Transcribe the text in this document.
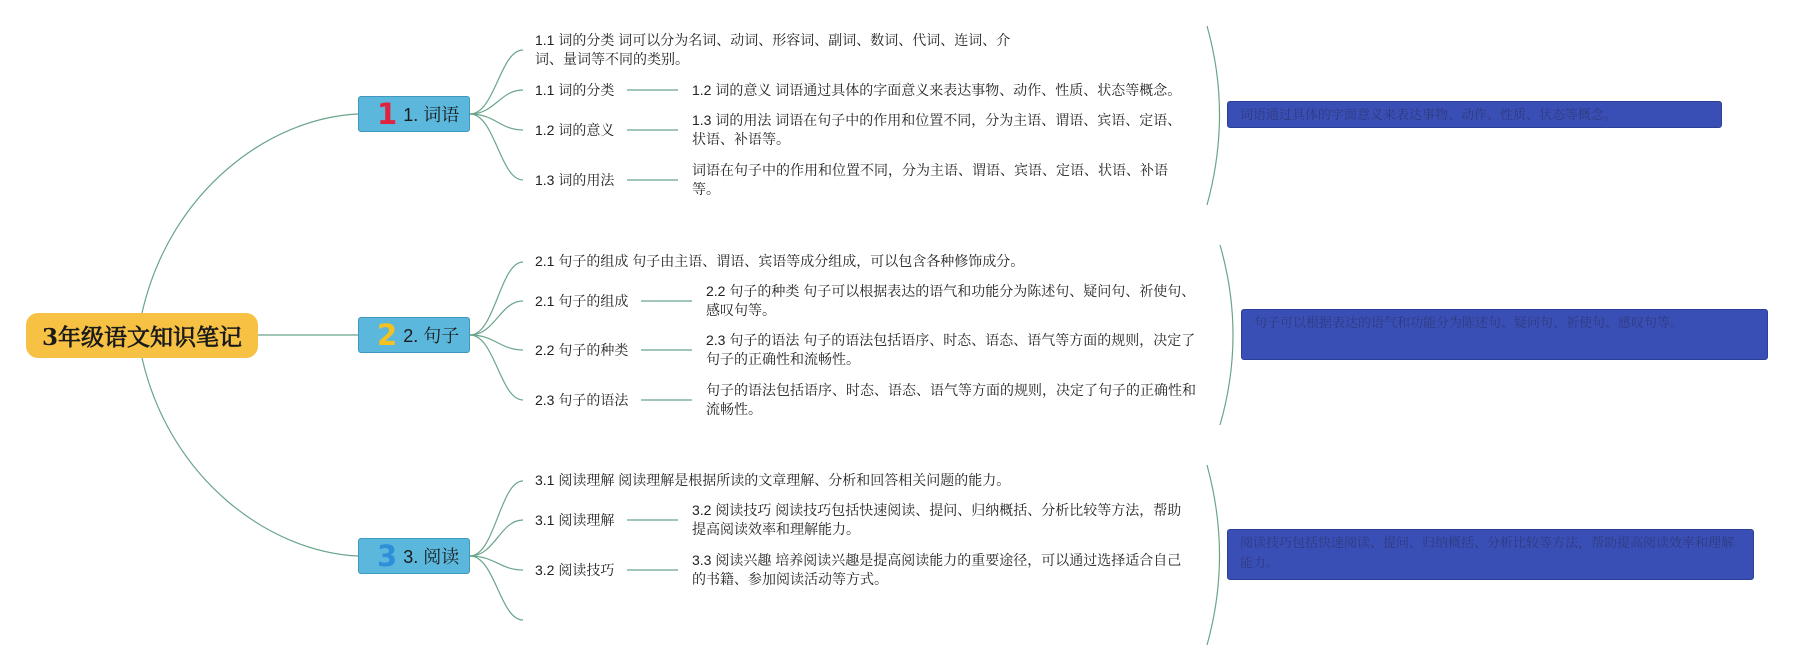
3年级语文知识笔记
1 1. 词语
1.1 词的分类 词可以分为名词、动词、形容词、副词、数词、代词、连词、介词、量词等不同的类别。
1.1 词的分类	1.2 词的意义 词语通过具体的字面意义来表达事物、动作、性质、状态等概念。
1.2 词的意义
1.3 词的用法 词语在句子中的作用和位置不同，分为主语、谓语、宾语、定语、状语、补语等。
1.3 词的用法
词语在句子中的作用和位置不同，分为主语、谓语、宾语、定语、状语、补语等。
词语通过具体的字面意义来表达事物、动作、性质、状态等概念。
2 2. 句子
2.1 句子的组成 句子由主语、谓语、宾语等成分组成，可以包含各种修饰成分。
2.1 句子的组成
2.2 句子的种类 句子可以根据表达的语气和功能分为陈述句、疑问句、祈使句、感叹句等。
2.2 句子的种类
2.3 句子的语法 句子的语法包括语序、时态、语态、语气等方面的规则，决定了句子的正确性和流畅性。
2.3 句子的语法
句子的语法包括语序、时态、语态、语气等方面的规则，决定了句子的正确性和流畅性。
句子可以根据表达的语气和功能分为陈述句、疑问句、祈使句、感叹句等。
3 3. 阅读
3.1 阅读理解 阅读理解是根据所读的文章理解、分析和回答相关问题的能力。
3.1 阅读理解
3.2 阅读技巧 阅读技巧包括快速阅读、提问、归纳概括、分析比较等方法，帮助提高阅读效率和理解能力。
3.2 阅读技巧
3.3 阅读兴趣 培养阅读兴趣是提高阅读能力的重要途径，可以通过选择适合自己的书籍、参加阅读活动等方式。
阅读技巧包括快速阅读、提问、归纳概括、分析比较等方法，帮助提高阅读效率和理解能力。
